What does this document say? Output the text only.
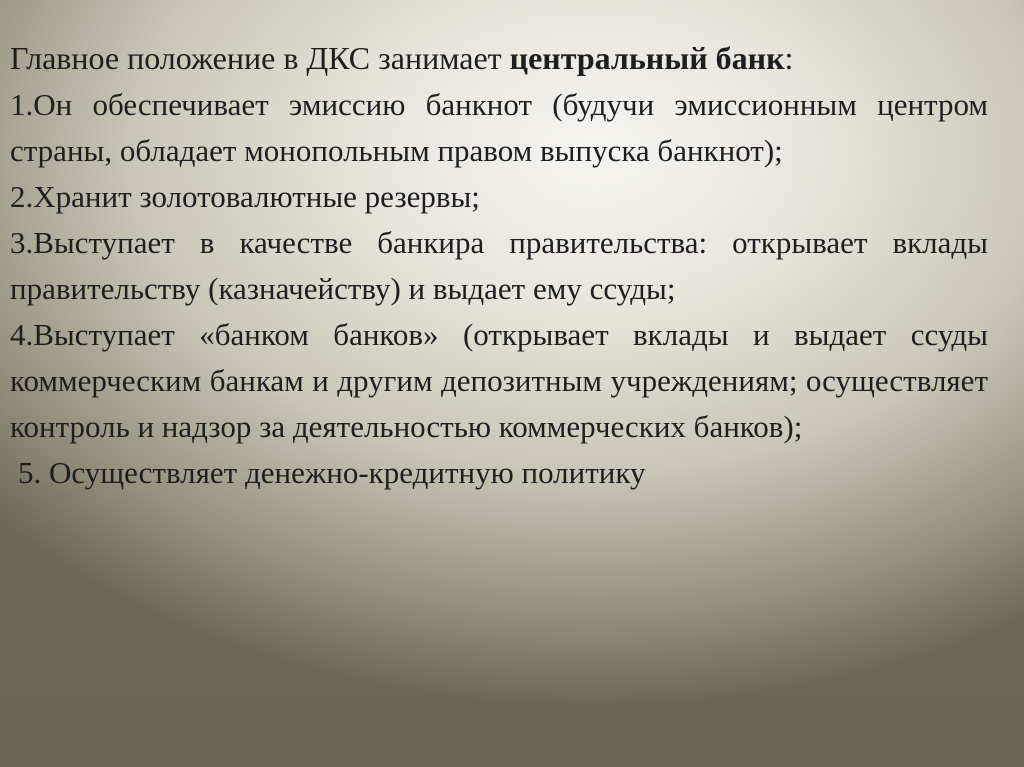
Главное положение в ДКС занимает центральный банк:

1.Он обеспечивает эмиссию банкнот (будучи эмиссионным центром страны, обладает монопольным правом выпуска банкнот);

2.Хранит золотовалютные резервы;

3.Выступает в качестве банкира правительства: открывает вклады правительству (казначейству) и выдает ему ссуды;

4.Выступает «банком банков» (открывает вклады и выдает ссуды коммерческим банкам и другим депозитным учреждениям; осуществляет контроль и надзор за деятельностью коммерческих банков);

5. Осуществляет денежно-кредитную политику
